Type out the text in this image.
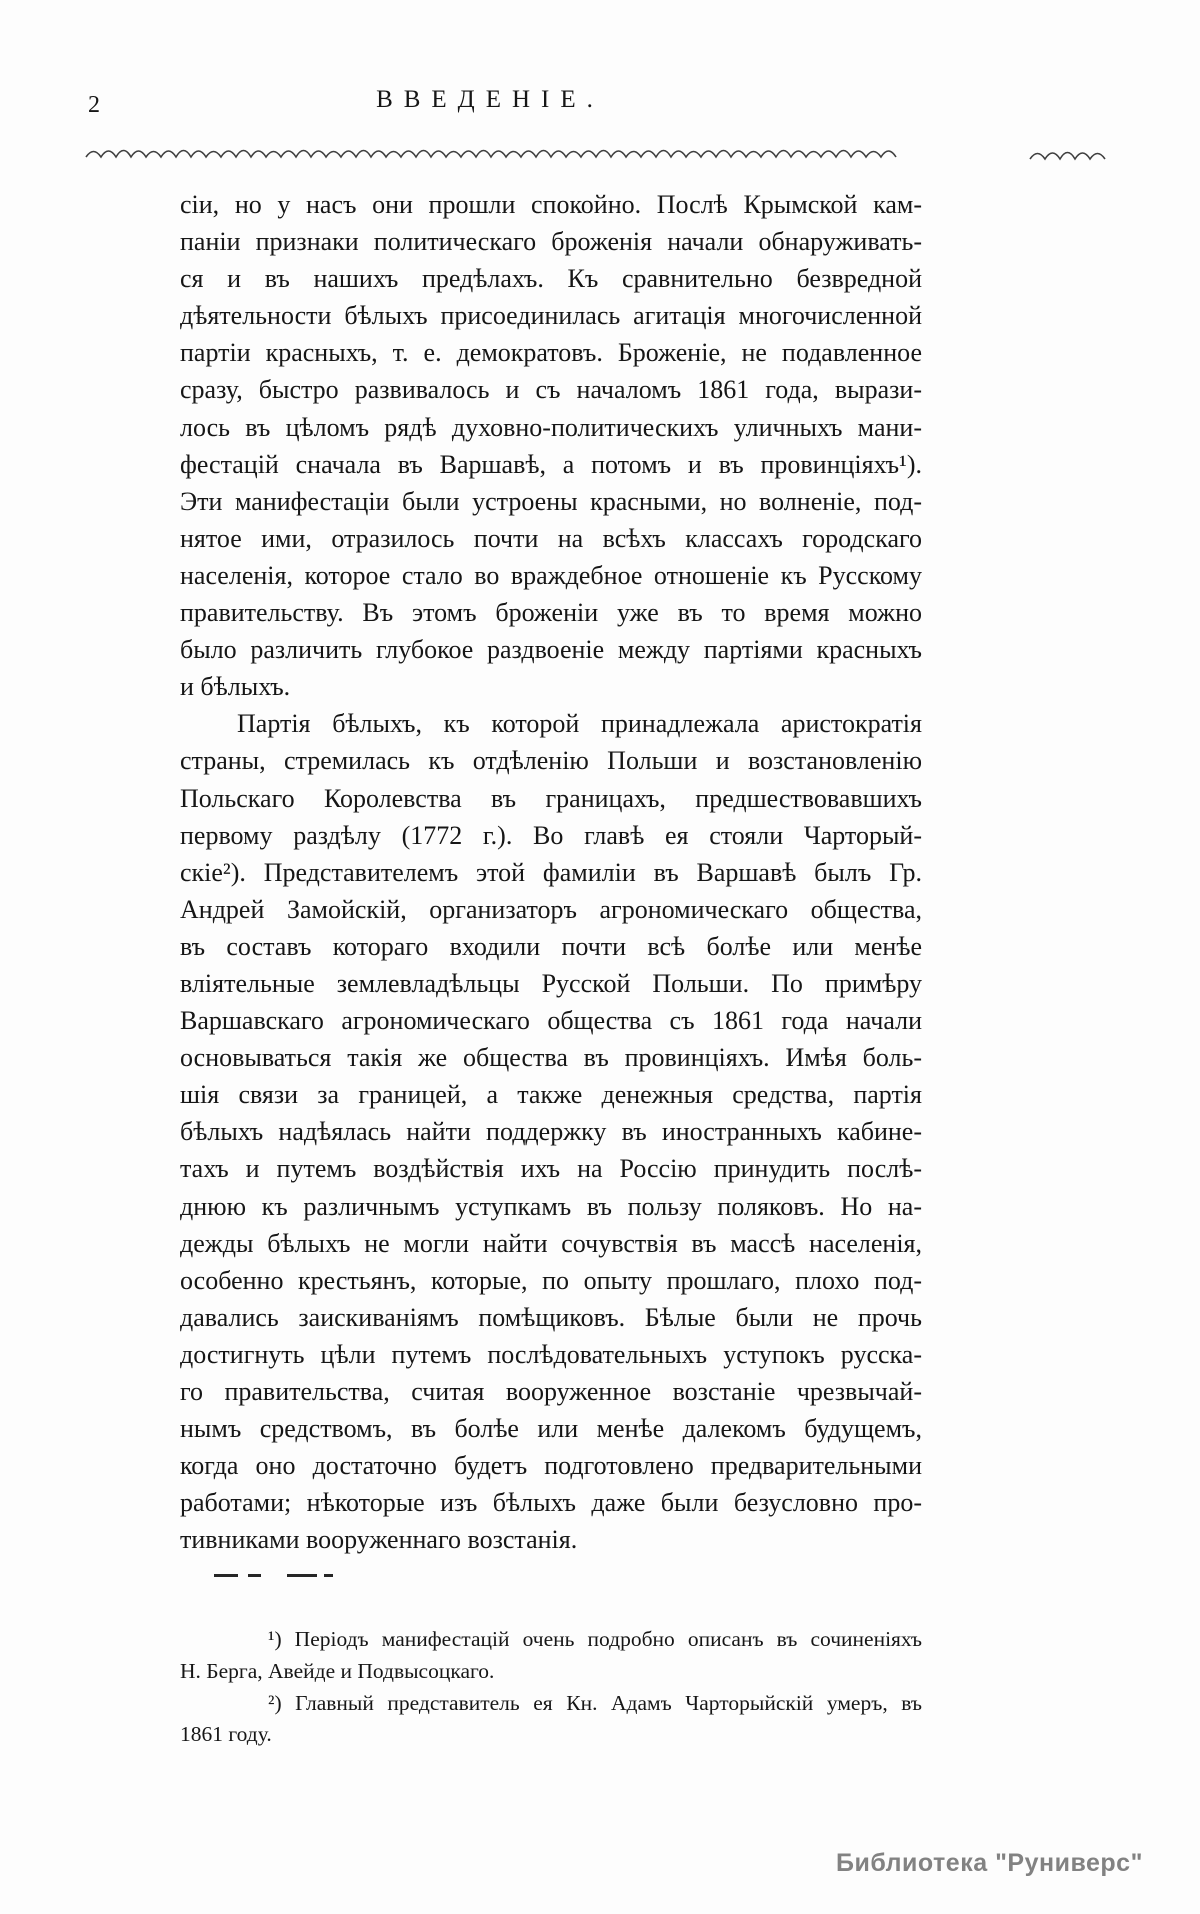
2	ВВЕДЕНІЕ.
сіи, но у насъ они прошли спокойно. Послѣ Крымской кам-
паніи признаки политическаго броженія начали обнаруживать-
ся и въ нашихъ предѣлахъ. Къ сравнительно безвредной
дѣятельности бѣлыхъ присоединилась агитація многочисленной
партіи красныхъ, т. е. демократовъ. Броженіе, не подавленное
сразу, быстро развивалось и съ началомъ 1861 года, вырази-
лось въ цѣломъ рядѣ духовно-политическихъ уличныхъ мани-
фестацій сначала въ Варшавѣ, а потомъ и въ провинціяхъ¹).
Эти манифестаціи были устроены красными, но волненіе, под-
нятое ими, отразилось почти на всѣхъ классахъ городскаго
населенія, которое стало во враждебное отношеніе къ Русскому
правительству. Въ этомъ броженіи уже въ то время можно
было различить глубокое раздвоеніе между партіями красныхъ
и бѣлыхъ.
Партія бѣлыхъ, къ которой принадлежала аристократія
страны, стремилась къ отдѣленію Польши и возстановленію
Польскаго Королевства въ границахъ, предшествовавшихъ
первому раздѣлу (1772 г.). Во главѣ ея стояли Чарторый-
скіе²). Представителемъ этой фамиліи въ Варшавѣ былъ Гр.
Андрей Замойскій, организаторъ агрономическаго общества,
въ составъ котораго входили почти всѣ болѣе или менѣе
вліятельные землевладѣльцы Русской Польши. По примѣру
Варшавскаго агрономическаго общества съ 1861 года начали
основываться такія же общества въ провинціяхъ. Имѣя боль-
шія связи за границей, а также денежныя средства, партія
бѣлыхъ надѣялась найти поддержку въ иностранныхъ кабине-
тахъ и путемъ воздѣйствія ихъ на Россію принудить послѣ-
днюю къ различнымъ уступкамъ въ пользу поляковъ. Но на-
дежды бѣлыхъ не могли найти сочувствія въ массѣ населенія,
особенно крестьянъ, которые, по опыту прошлаго, плохо под-
давались заискиваніямъ помѣщиковъ. Бѣлые были не прочь
достигнуть цѣли путемъ послѣдовательныхъ уступокъ русска-
го правительства, считая вооруженное возстаніе чрезвычай-
нымъ средствомъ, въ болѣе или менѣе далекомъ будущемъ,
когда оно достаточно будетъ подготовлено предварительными
работами; нѣкоторые изъ бѣлыхъ даже были безусловно про-
тивниками вооруженнаго возстанія.
¹) Періодъ манифестацій очень подробно описанъ въ сочиненіяхъ
Н. Берга, Авейде и Подвысоцкаго.
²) Главный представитель ея Кн. Адамъ Чарторыйскій умеръ, въ
1861 году.
Библиотека "Руниверс"
